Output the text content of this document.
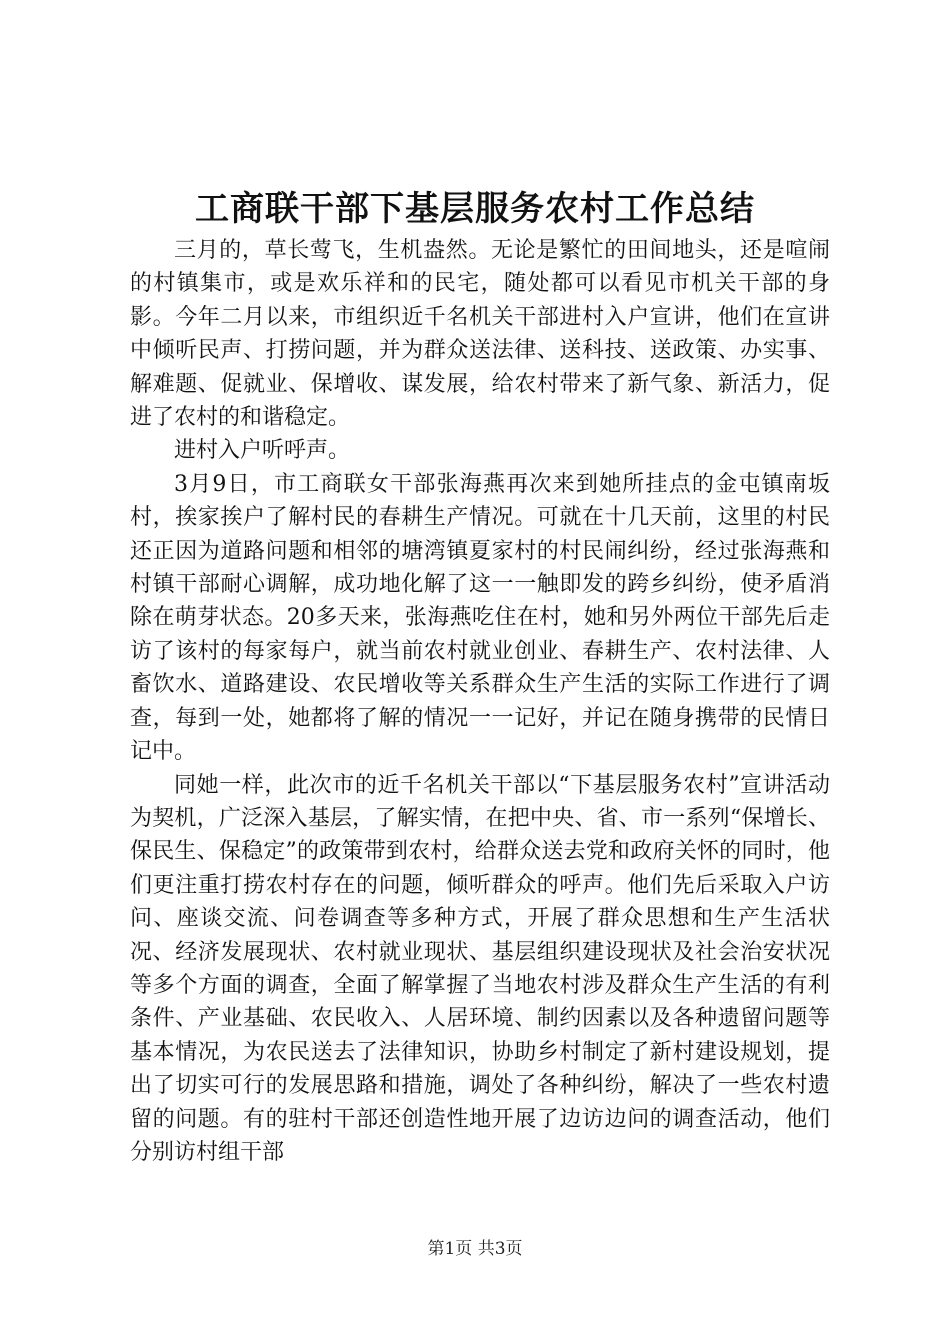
工商联干部下基层服务农村工作总结

三月的，草长莺飞，生机盎然。无论是繁忙的田间地头，还是喧闹的村镇集市，或是欢乐祥和的民宅，随处都可以看见市机关干部的身影。今年二月以来，市组织近千名机关干部进村入户宣讲，他们在宣讲中倾听民声、打捞问题，并为群众送法律、送科技、送政策、办实事、解难题、促就业、保增收、谋发展，给农村带来了新气象、新活力，促进了农村的和谐稳定。

进村入户听呼声。

3月9日，市工商联女干部张海燕再次来到她所挂点的金屯镇南坂村，挨家挨户了解村民的春耕生产情况。可就在十几天前，这里的村民还正因为道路问题和相邻的塘湾镇夏家村的村民闹纠纷，经过张海燕和村镇干部耐心调解，成功地化解了这一一触即发的跨乡纠纷，使矛盾消除在萌芽状态。20多天来，张海燕吃住在村，她和另外两位干部先后走访了该村的每家每户，就当前农村就业创业、春耕生产、农村法律、人畜饮水、道路建设、农民增收等关系群众生产生活的实际工作进行了调查，每到一处，她都将了解的情况一一记好，并记在随身携带的民情日记中。

同她一样，此次市的近千名机关干部以“下基层服务农村”宣讲活动为契机，广泛深入基层，了解实情，在把中央、省、市一系列“保增长、保民生、保稳定”的政策带到农村，给群众送去党和政府关怀的同时，他们更注重打捞农村存在的问题，倾听群众的呼声。他们先后采取入户访问、座谈交流、问卷调查等多种方式，开展了群众思想和生产生活状况、经济发展现状、农村就业现状、基层组织建设现状及社会治安状况等多个方面的调查，全面了解掌握了当地农村涉及群众生产生活的有利条件、产业基础、农民收入、人居环境、制约因素以及各种遗留问题等基本情况，为农民送去了法律知识，协助乡村制定了新村建设规划，提出了切实可行的发展思路和措施，调处了各种纠纷，解决了一些农村遗留的问题。有的驻村干部还创造性地开展了边访边问的调查活动，他们分别访村组干部

第1页 共3页
